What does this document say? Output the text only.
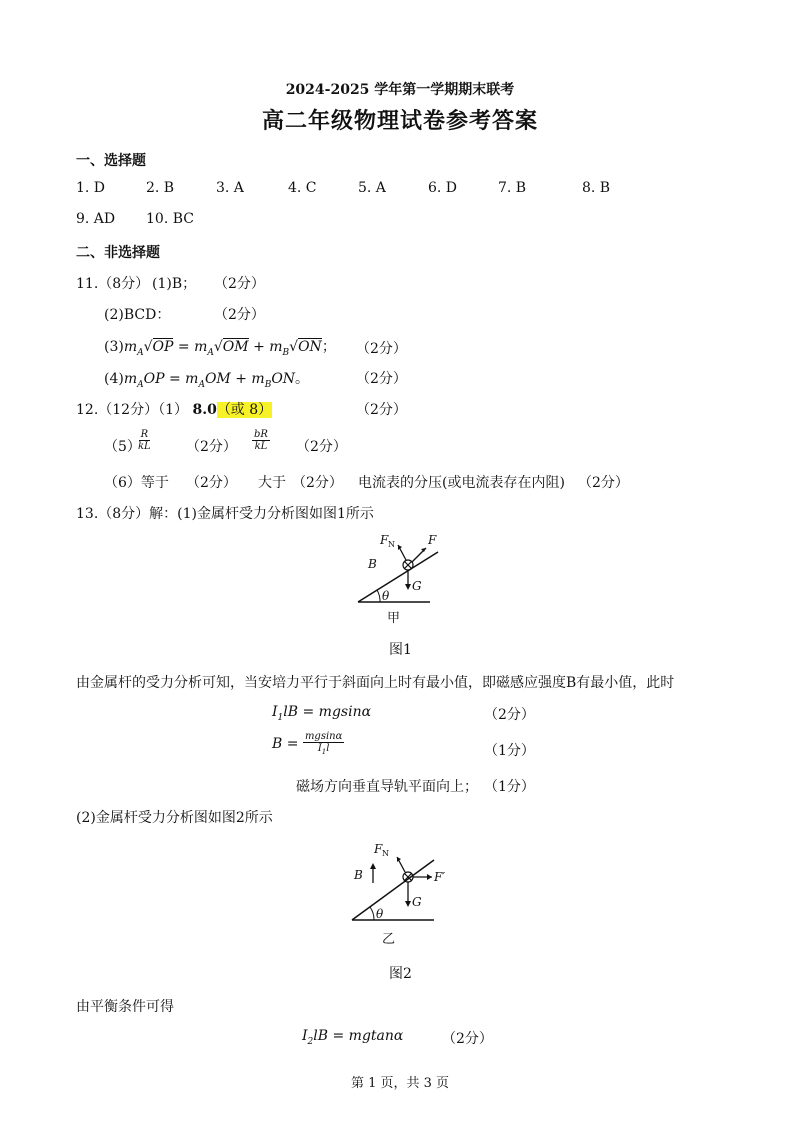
2024-2025 学年第一学期期末联考
高二年级物理试卷参考答案
一、选择题
1. D	2. B	3. A	4. C	5. A	6. D	7. B	8. B
9. AD 10. BC
二、非选择题
11.（8分） (1)B； （2分）
(2)BCD：	（2分）
$(3)m_A√OP = m_A√OM + m_B√ON$； （2分）
$(4)m_AOP = m_AOM + m_BON$。	（2分）
12.（12分）（1） 8.0（或 8）	（2分）
（5）
$\frac{R}{kL}$	（2分） $\frac{bR}{kL} (2$分）
（6）等于 （2分） 大于 （2分） 电流表的分压(或电流表存在内阻) （2分）
13.（8分）解：(1)金属杆受力分析图如图1所示
θ
F N	F
B
G
甲
图1
由金属杆的受力分析可知，当安培力平行于斜面向上时有最小值，即磁感应强度B有最小值，此时
$I_1lB = mgsin\alpha$	（2分）
$B = \frac{mgsin\alpha}{I_1l}$	（1分）
磁场方向垂直导轨平面向上； （1分）
(2)金属杆受力分析图如图2所示
θ
F N
F′
B
G
乙
图2
由平衡条件可得
$I_2lB = mgtan\alpha$	（2分）
第 1 页，共 3 页
